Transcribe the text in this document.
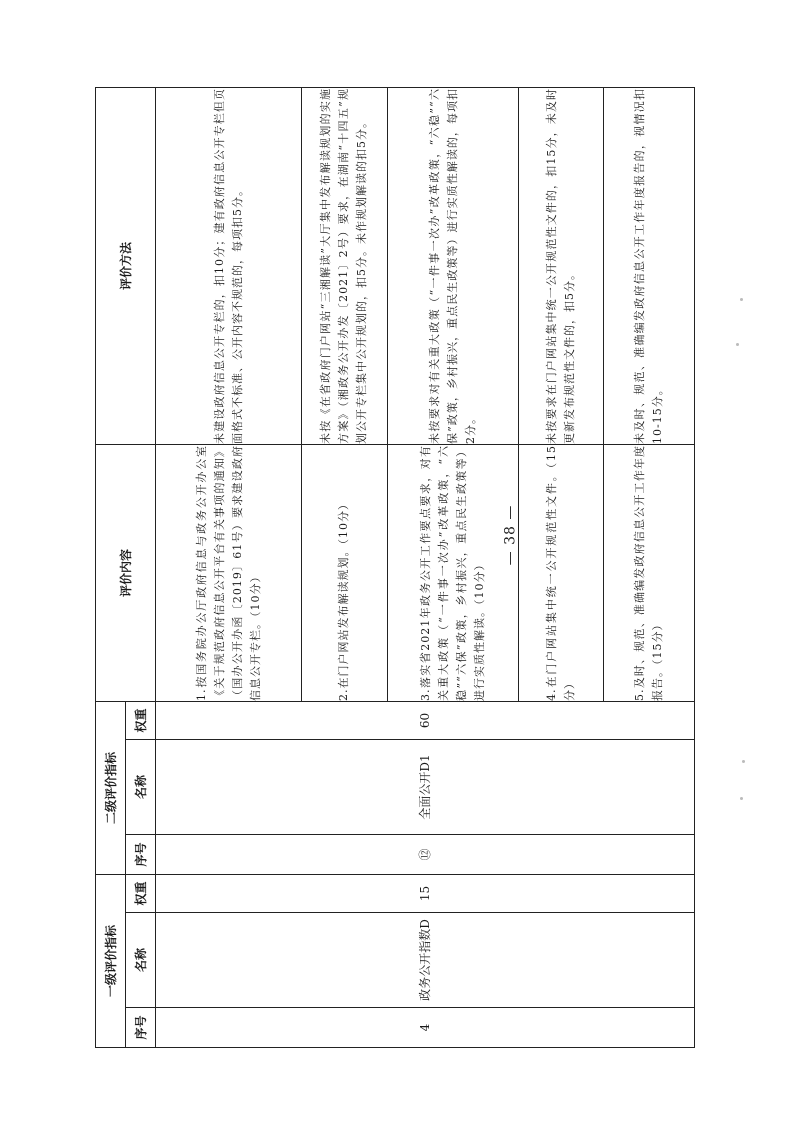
一级评价指标			二级评价指标			评价内容	评价方法
序号	名称	权重	序号	名称	权重		
4	政务公开指数D	15	⑫	全面公开D1	60	1.按国务院办公厅政府信息与政务公开办公室《关于规范政府信息公开平台有关事项的通知》（国办公开办函〔2019〕61号）要求建设政府信息公开专栏。（10分）	未建设政府信息公开专栏的，扣10分；建有政府信息公开专栏但页面格式不标准、公开内容不规范的，每项扣5分。
						2.在门户网站发布解读规划。（10分）	未按《在省政府门户网站“三湘解读”大厅集中发布解读规划的实施方案》（湘政务公开办发〔2021〕2号）要求，在湖南“十四五”规划公开专栏集中公开规划的，扣5分。未作规划解读的扣5分。
						3.落实省2021年政务公开工作要点要求，对有关重大政策（“一件事一次办”改革政策，“六稳”“六保”政策，乡村振兴，重点民生政策等）进行实质性解读。（10分）	未按要求对有关重大政策（“一件事一次办”改革政策，“六稳”“六保”政策，乡村振兴，重点民生政策等）进行实质性解读的，每项扣2分。
						4.在门户网站集中统一公开规范性文件。（15分）	未按要求在门户网站集中统一公开规范性文件的，扣15分，未及时更新发布规范性文件的，扣5分。
						5.及时、规范、准确编发政府信息公开工作年度报告。（15分）	未及时、规范、准确编发政府信息公开工作年度报告的，视情况扣10-15分。
— 38 —
